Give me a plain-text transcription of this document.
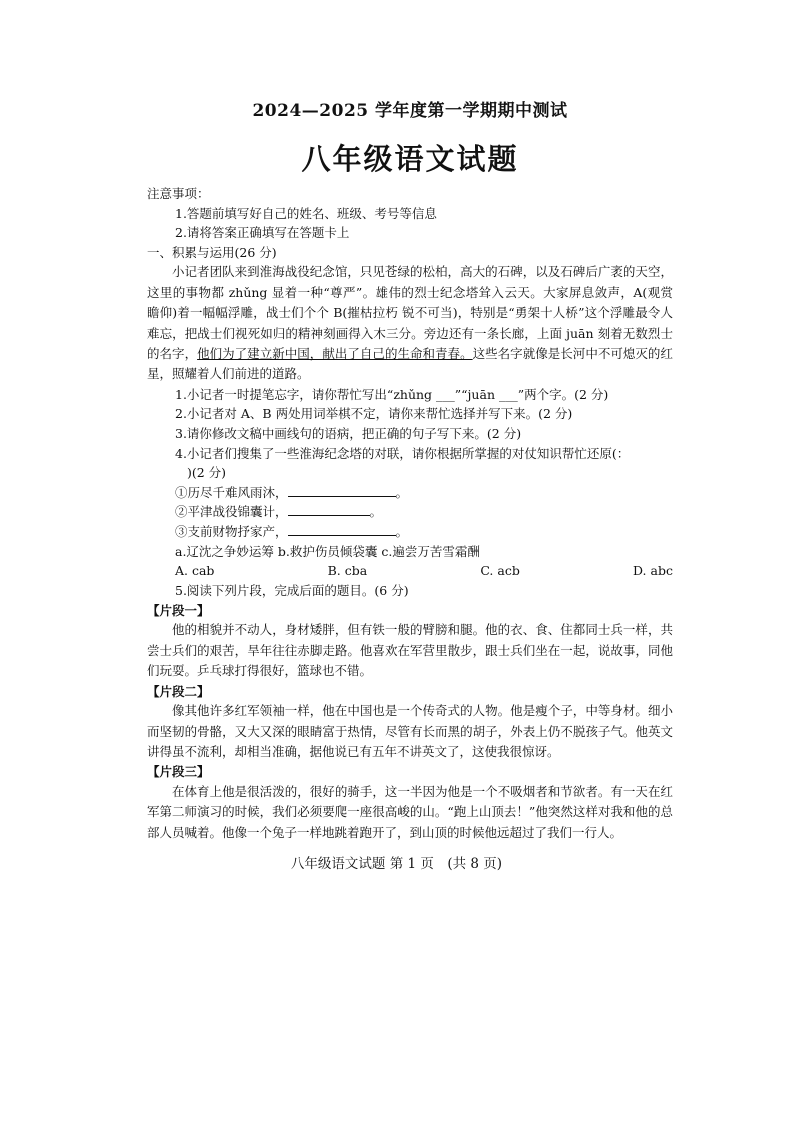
2024—2025 学年度第一学期期中测试
八年级语文试题
注意事项：
1.答题前填写好自己的姓名、班级、考号等信息
2.请将答案正确填写在答题卡上
一、积累与运用(26 分)

小记者团队来到淮海战役纪念馆，只见苍绿的松柏，高大的石碑，以及石碑后广袤的天空，这里的事物都 zhǔng 显着一种“尊严”。雄伟的烈士纪念塔耸入云天。大家屏息敛声，A(观赏 瞻仰)着一幅幅浮雕，战士们个个 B(摧枯拉朽 锐不可当)，特别是“勇架十人桥”这个浮雕最令人难忘，把战士们视死如归的精神刻画得入木三分。旁边还有一条长廊，上面 juān 刻着无数烈士的名字，他们为了建立新中国，献出了自己的生命和青春。这些名字就像是长河中不可熄灭的红星，照耀着人们前进的道路。

1.小记者一时提笔忘字，请你帮忙写出“zhǔng ___”“juān ___”两个字。(2 分)
2.小记者对 A、B 两处用词举棋不定，请你来帮忙选择并写下来。(2 分)
3.请你修改文稿中画线句的语病，把正确的句子写下来。(2 分)
4.小记者们搜集了一些淮海纪念塔的对联，请你根据所掌握的对仗知识帮忙还原(：
)(2 分)
①历尽千难风雨沐，	。
②平津战役锦囊计，	。
③支前财物抒家产，	。
a.辽沈之争妙运筹 b.救护伤员倾袋囊 c.遍尝万苦雪霜酬
A. cab	B. cba	C. acb	D. abc
5.阅读下列片段，完成后面的题目。(6 分)
【片段一】

他的相貌并不动人，身材矮胖，但有铁一般的臂膀和腿。他的衣、食、住都同士兵一样，共尝士兵们的艰苦，旱年往往赤脚走路。他喜欢在军营里散步，跟士兵们坐在一起，说故事，同他们玩耍。乒乓球打得很好，篮球也不错。

【片段二】

像其他许多红军领袖一样，他在中国也是一个传奇式的人物。他是瘦个子，中等身材。细小而坚韧的骨骼，又大又深的眼睛富于热情，尽管有长而黑的胡子，外表上仍不脱孩子气。他英文讲得虽不流利，却相当准确，据他说已有五年不讲英文了，这使我很惊讶。

【片段三】

在体育上他是很活泼的，很好的骑手，这一半因为他是一个不吸烟者和节欲者。有一天在红军第二师演习的时候，我们必须要爬一座很高峻的山。“跑上山顶去！”他突然这样对我和他的总部人员喊着。他像一个兔子一样地跳着跑开了，到山顶的时候他远超过了我们一行人。

八年级语文试题 第 1 页　(共 8 页)
